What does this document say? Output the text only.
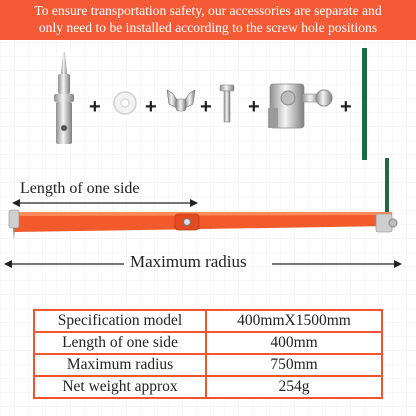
To ensure transportation safety, our accessories are separate and
only need to be installed according to the screw hole positions
+ + + +	+
Length of one side
Maximum radius
Specification model	400mmX1500mm
Length of one side	400mm
Maximum radius	750mm
Net weight approx	254g
